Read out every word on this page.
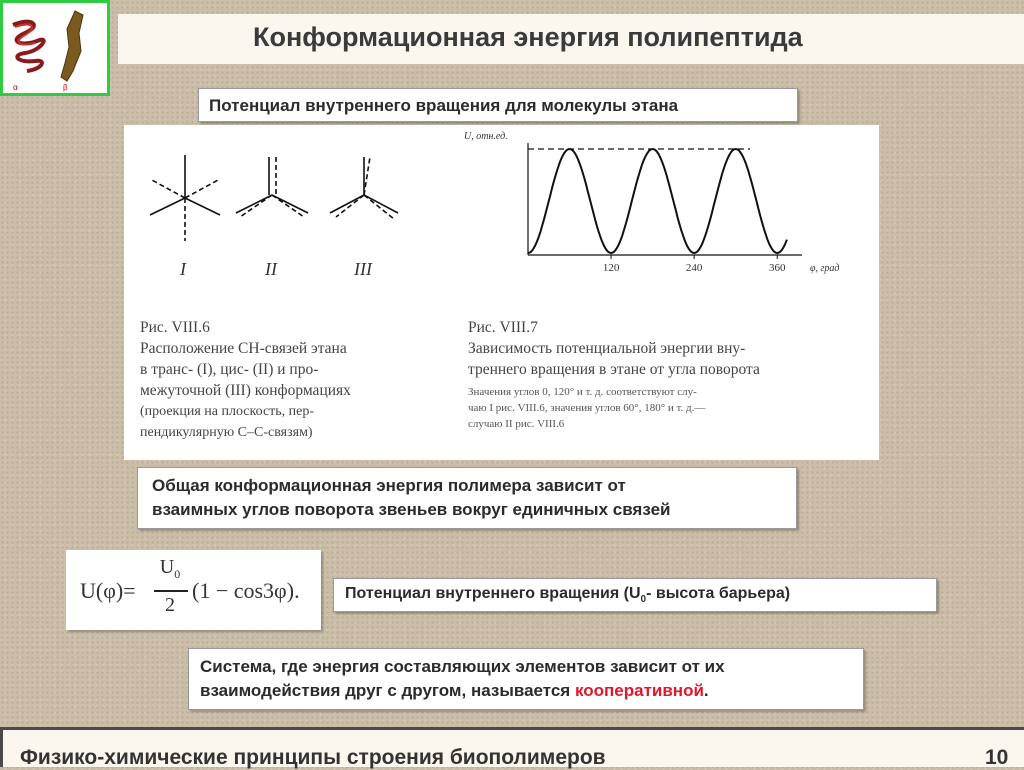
α	β
Конформационная энергия полипептида
Потенциал внутреннего вращения для молекулы этана
I	II	III
Рис. VIII.6
Расположение СН-связей этана
в транс- (I), цис- (II) и про-
межуточной (III) конформациях
(проекция на плоскость, пер-
пендикулярную С–С-связям)
U, отн.ед.
120	240	360 φ, град
Рис. VIII.7
Зависимость потенциальной энергии вну-
треннего вращения в этане от угла поворота
Значения углов 0, 120° и т. д. соответствуют слу-
чаю I рис. VIII.6, значения углов 60°, 180° и т. д.—
случаю II рис. VIII.6
Общая конформационная энергия полимера зависит от
взаимных углов поворота звеньев вокруг единичных связей
U(φ)=
$U_0$
2
(1 − cos3φ).	Потенциал внутреннего вращения ($U_0-$ высота барьера)
Система, где энергия составляющих элементов зависит от их
взаимодействия друг с другом, называется кооперативной.
Физико-химические принципы строения биополимеров	10
